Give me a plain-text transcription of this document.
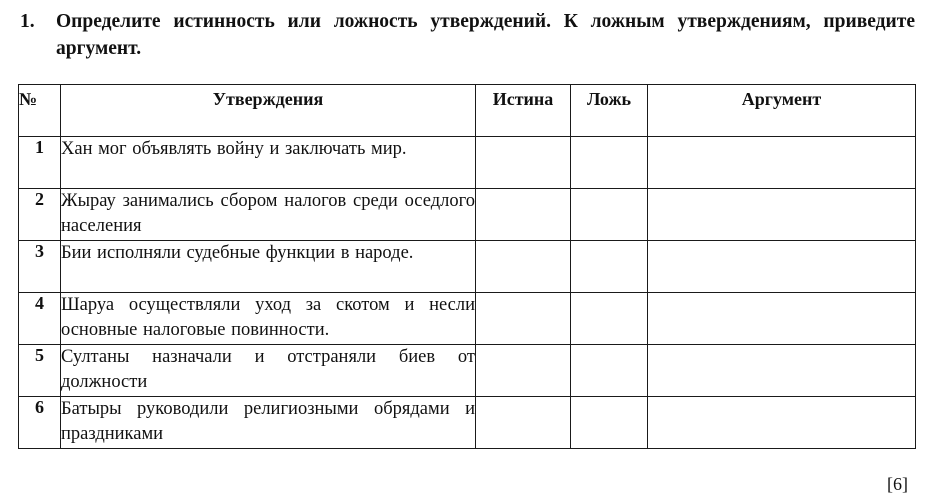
1.	Определите истинность или ложность утверждений. К ложным утверждениям, приведите аргумент.
№	Утверждения	Истина	Ложь	Аргумент
1	Хан мог объявлять войну и заключать мир.			
2	Жырау занимались сбором налогов среди оседлого населения			
3	Бии исполняли судебные функции в народе.			
4	Шаруа осуществляли уход за скотом и несли основные налоговые повинности.			
5	Султаны назначали и отстраняли биев от должности			
6	Батыры руководили религиозными обрядами и праздниками			
[6]
